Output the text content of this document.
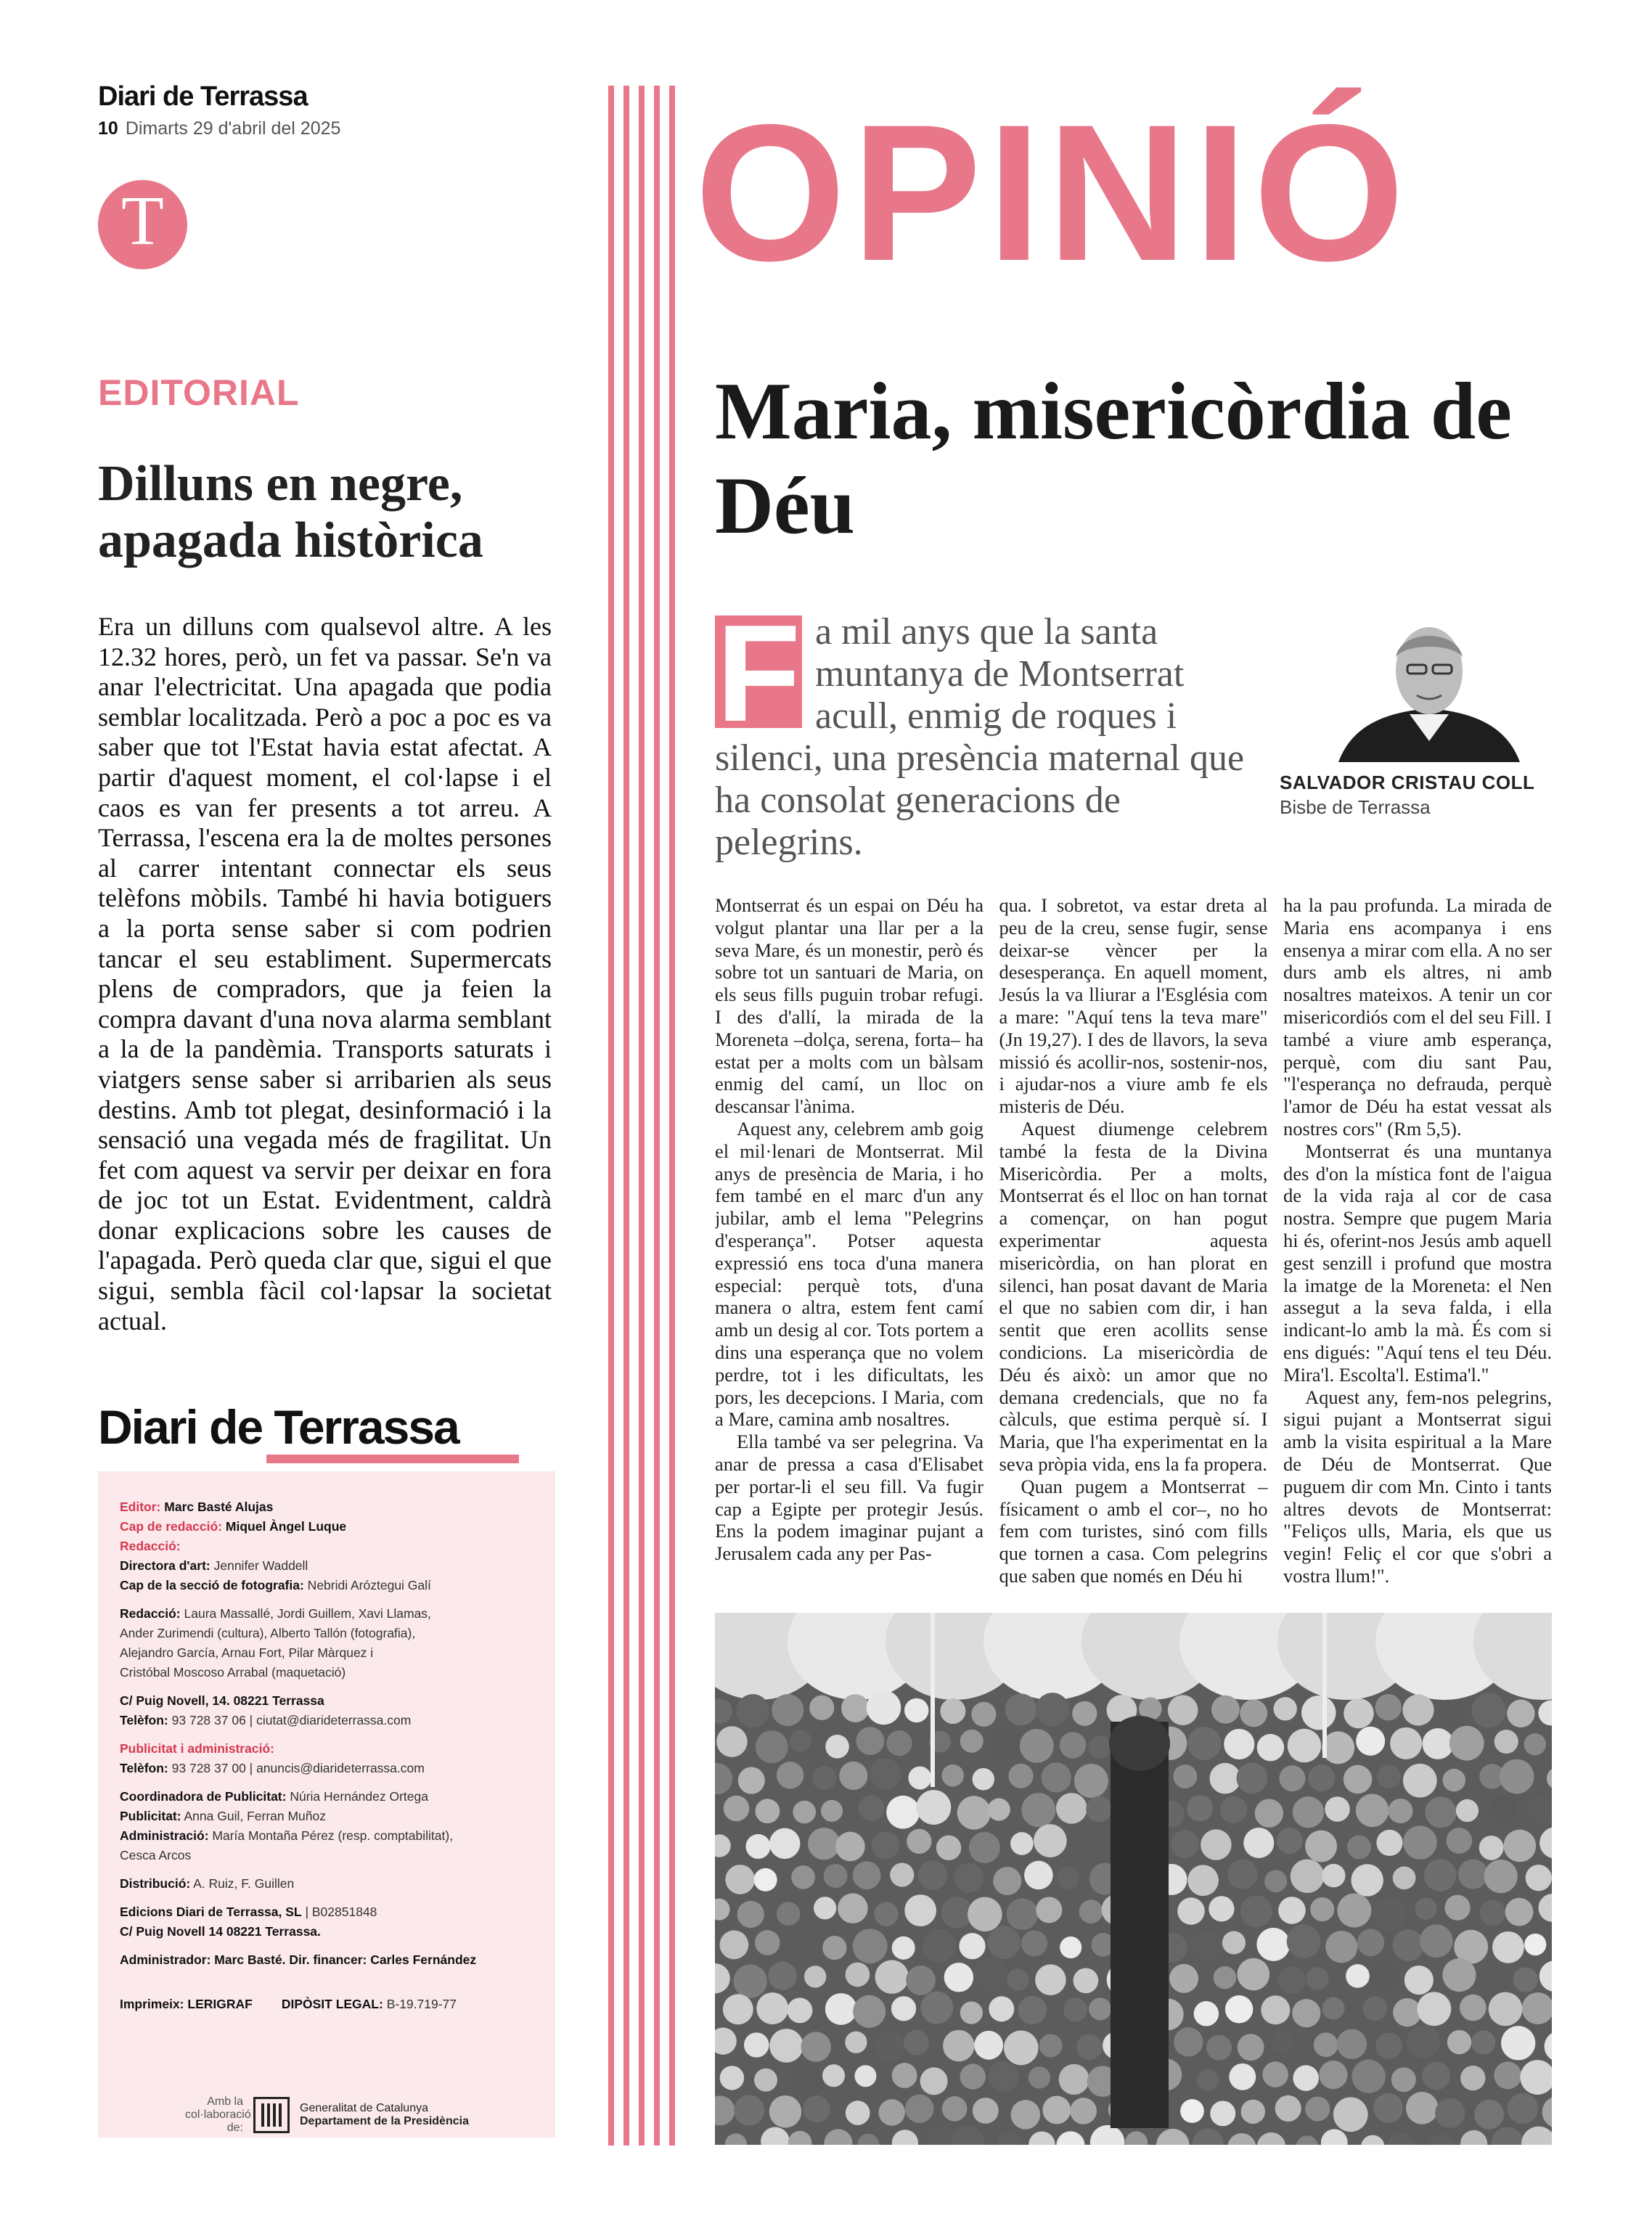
Diari de Terrassa
10 Dimarts 29 d'abril del 2025
T
EDITORIAL
Dilluns en negre, apagada històrica

Era un dilluns com qualsevol altre. A les 12.32 hores, però, un fet va passar. Se'n va anar l'electricitat. Una apagada que podia semblar localitzada. Però a poc a poc es va saber que tot l'Estat havia estat afectat. A partir d'aquest moment, el col·lapse i el caos es van fer presents a tot arreu. A Terrassa, l'escena era la de moltes persones al carrer intentant connectar els seus telèfons mòbils. També hi havia botiguers a la porta sense saber si com podrien tancar el seu establiment. Supermercats plens de compradors, que ja feien la compra davant d'una nova alarma semblant a la de la pandèmia. Transports saturats i viatgers sense saber si arribarien als seus destins. Amb tot plegat, desinformació i la sensació una vegada més de fragilitat. Un fet com aquest va servir per deixar en fora de joc tot un Estat. Evidentment, caldrà donar explicacions sobre les causes de l'apagada. Però queda clar que, sigui el que sigui, sembla fàcil col·lapsar la societat actual.

Diari de Terrassa
Editor: Marc Basté Alujas
Cap de redacció: Miquel Àngel Luque
Redacció:
Directora d'art: Jennifer Waddell
Cap de la secció de fotografia: Nebridi Aróztegui Galí
Redacció: Laura Massallé, Jordi Guillem, Xavi Llamas,
Ander Zurimendi (cultura), Alberto Tallón (fotografia),
Alejandro García, Arnau Fort, Pilar Màrquez i
Cristóbal Moscoso Arrabal (maquetació)
C/ Puig Novell, 14. 08221 Terrassa
Telèfon: 93 728 37 06 | ciutat@diarideterrassa.com
Publicitat i administració:
Telèfon: 93 728 37 00 | anuncis@diarideterrassa.com
Coordinadora de Publicitat: Núria Hernández Ortega
Publicitat: Anna Guil, Ferran Muñoz
Administració: María Montaña Pérez (resp. comptabilitat),
Cesca Arcos
Distribució: A. Ruiz, F. Guillen
Edicions Diari de Terrassa, SL | B02851848
C/ Puig Novell 14 08221 Terrassa.
Administrador: Marc Basté. Dir. financer: Carles Fernández
Imprimeix: LERIGRAF DIPÒSIT LEGAL: B-19.719-77
Amb la col·laboració de:
Generalitat de Catalunya
Departament de la Presidència
OPINIÓ
Maria, misericòrdia de Déu
F a mil anys que la santa muntanya de Montserrat acull, enmig de roques i silenci, una presència maternal que ha consolat generacions de pelegrins.

SALVADOR CRISTAU COLL
Bisbe de Terrassa

Montserrat és un espai on Déu ha volgut plantar una llar per a la seva Mare, és un monestir, però és sobre tot un santuari de Maria, on els seus fills puguin trobar refugi. I des d'allí, la mirada de la Moreneta –dolça, serena, forta– ha estat per a molts com un bàlsam enmig del camí, un lloc on descansar l'ànima.

Aquest any, celebrem amb goig el mil·lenari de Montserrat. Mil anys de presència de Maria, i ho fem també en el marc d'un any jubilar, amb el lema "Pelegrins d'esperança". Potser aquesta expressió ens toca d'una manera especial: perquè tots, d'una manera o altra, estem fent camí amb un desig al cor. Tots portem a dins una esperança que no volem perdre, tot i les dificultats, les pors, les decepcions. I Maria, com a Mare, camina amb nosaltres.

Ella també va ser pelegrina. Va anar de pressa a casa d'Elisabet per portar-li el seu fill. Va fugir cap a Egipte per protegir Jesús. Ens la podem imaginar pujant a Jerusalem cada any per Pas-

qua. I sobretot, va estar dreta al peu de la creu, sense fugir, sense deixar-se vèncer per la desesperança. En aquell moment, Jesús la va lliurar a l'Església com a mare: "Aquí tens la teva mare" (Jn 19,27). I des de llavors, la seva missió és acollir-nos, sostenir-nos, i ajudar-nos a viure amb fe els misteris de Déu.

Aquest diumenge celebrem també la festa de la Divina Misericòrdia. Per a molts, Montserrat és el lloc on han tornat a començar, on han pogut experimentar aquesta misericòrdia, on han plorat en silenci, han posat davant de Maria el que no sabien com dir, i han sentit que eren acollits sense condicions. La misericòrdia de Déu és això: un amor que no demana credencials, que no fa càlculs, que estima perquè sí. I Maria, que l'ha experimentat en la seva pròpia vida, ens la fa propera.

Quan pugem a Montserrat –físicament o amb el cor–, no ho fem com turistes, sinó com fills que tornen a casa. Com pelegrins que saben que només en Déu hi

ha la pau profunda. La mirada de Maria ens acompanya i ens ensenya a mirar com ella. A no ser durs amb els altres, ni amb nosaltres mateixos. A tenir un cor misericordiós com el del seu Fill. I també a viure amb esperança, perquè, com diu sant Pau, "l'esperança no defrauda, perquè l'amor de Déu ha estat vessat als nostres cors" (Rm 5,5).

Montserrat és una muntanya des d'on la mística font de l'aigua de la vida raja al cor de casa nostra. Sempre que pugem Maria hi és, oferint-nos Jesús amb aquell gest senzill i profund que mostra la imatge de la Moreneta: el Nen assegut a la seva falda, i ella indicant-lo amb la mà. És com si ens digués: "Aquí tens el teu Déu. Mira'l. Escolta'l. Estima'l."

Aquest any, fem-nos pelegrins, sigui pujant a Montserrat sigui amb la visita espiritual a la Mare de Déu de Montserrat. Que puguem dir com Mn. Cinto i tants altres devots de Montserrat: "Feliços ulls, Maria, els que us vegin! Feliç el cor que s'obri a vostra llum!".
